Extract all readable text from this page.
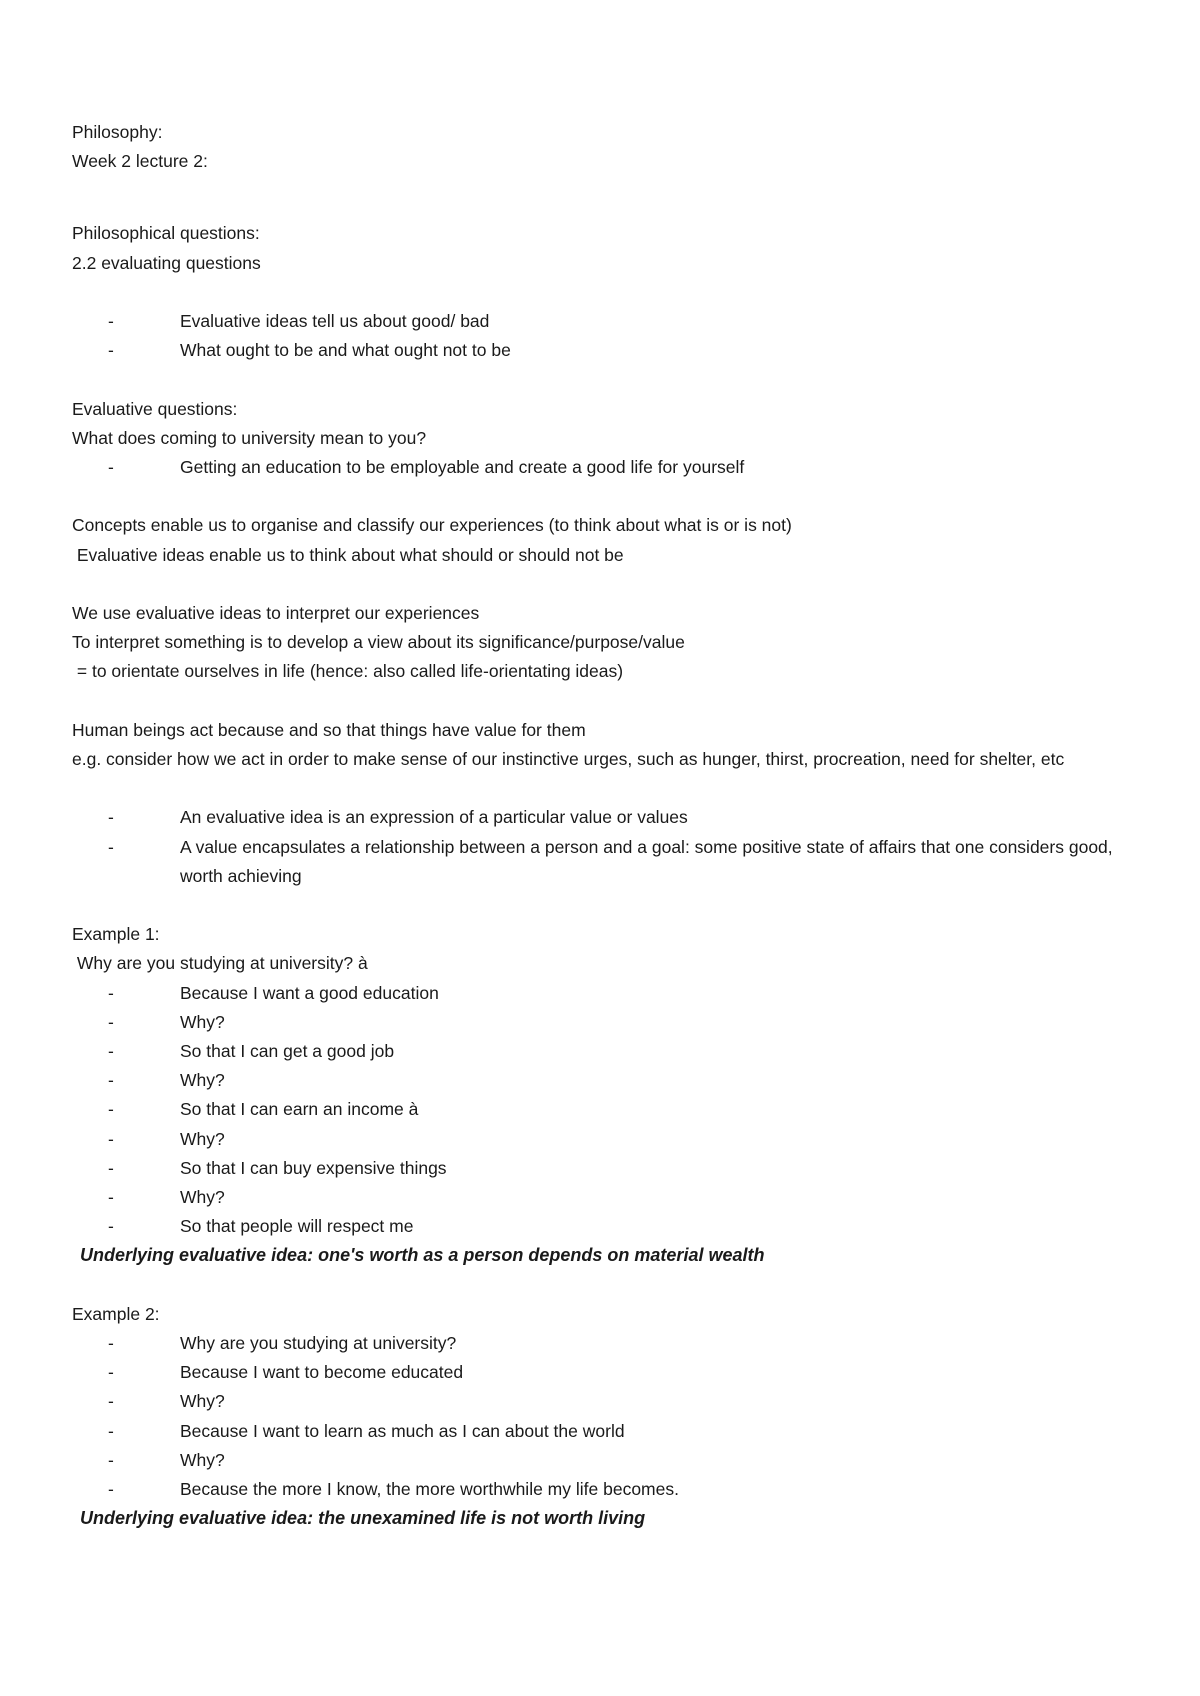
Philosophy:
Week 2 lecture 2:
Philosophical questions:
2.2 evaluating questions
-	Evaluative ideas tell us about good/ bad
-	What ought to be and what ought not to be
Evaluative questions:
What does coming to university mean to you?
-	Getting an education to be employable and create a good life for yourself
Concepts enable us to organise and classify our experiences (to think about what is or is not)
Evaluative ideas enable us to think about what should or should not be
We use evaluative ideas to interpret our experiences
To interpret something is to develop a view about its significance/purpose/value
= to orientate ourselves in life (hence: also called life-orientating ideas)
Human beings act because and so that things have value for them
e.g. consider how we act in order to make sense of our instinctive urges, such as hunger, thirst, procreation, need for shelter, etc
-	An evaluative idea is an expression of a particular value or values
-	A value encapsulates a relationship between a person and a goal: some positive state of affairs that one considers good, worth achieving
Example 1:
Why are you studying at university? à
-	Because I want a good education
-	Why?
-	So that I can get a good job
-	Why?
-	So that I can earn an income à
-	Why?
-	So that I can buy expensive things
-	Why?
-	So that people will respect me
Underlying evaluative idea: one's worth as a person depends on material wealth
Example 2:
-	Why are you studying at university?
-	Because I want to become educated
-	Why?
-	Because I want to learn as much as I can about the world
-	Why?
-	Because the more I know, the more worthwhile my life becomes.
Underlying evaluative idea: the unexamined life is not worth living
